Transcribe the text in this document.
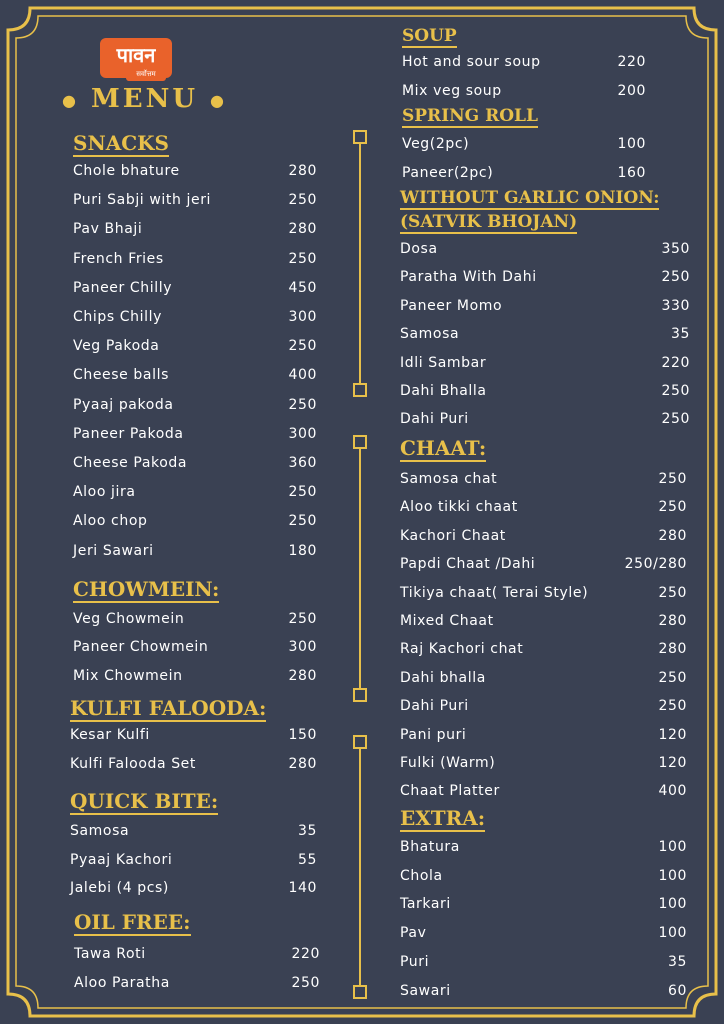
पावन
सर्वोत्तम
● MENU ●
SNACKS
Chole bhature	280
Puri Sabji with jeri	250
Pav Bhaji	280
French Fries	250
Paneer Chilly	450
Chips Chilly	300
Veg Pakoda	250
Cheese balls	400
Pyaaj pakoda	250
Paneer Pakoda	300
Cheese Pakoda	360
Aloo jira	250
Aloo chop	250
Jeri Sawari	180
CHOWMEIN:
Veg Chowmein	250
Paneer Chowmein	300
Mix Chowmein	280
KULFI FALOODA:
Kesar Kulfi	150
Kulfi Falooda Set	280
QUICK BITE:
Samosa	35
Pyaaj Kachori	55
Jalebi (4 pcs)	140
OIL FREE:
Tawa Roti	220
Aloo Paratha	250
SOUP
Hot and sour soup	220
Mix veg soup	200
SPRING ROLL
Veg(2pc)	100
Paneer(2pc)	160
WITHOUT GARLIC ONION:
(SATVIK BHOJAN)
Dosa	350
Paratha With Dahi	250
Paneer Momo	330
Samosa	35
Idli Sambar	220
Dahi Bhalla	250
Dahi Puri	250
CHAAT:
Samosa chat	250
Aloo tikki chaat	250
Kachori Chaat	280
Papdi Chaat /Dahi	250/280
Tikiya chaat( Terai Style)	250
Mixed Chaat	280
Raj Kachori chat	280
Dahi bhalla	250
Dahi Puri	250
Pani puri	120
Fulki (Warm)	120
Chaat Platter	400
EXTRA:
Bhatura	100
Chola	100
Tarkari	100
Pav	100
Puri	35
Sawari	60
